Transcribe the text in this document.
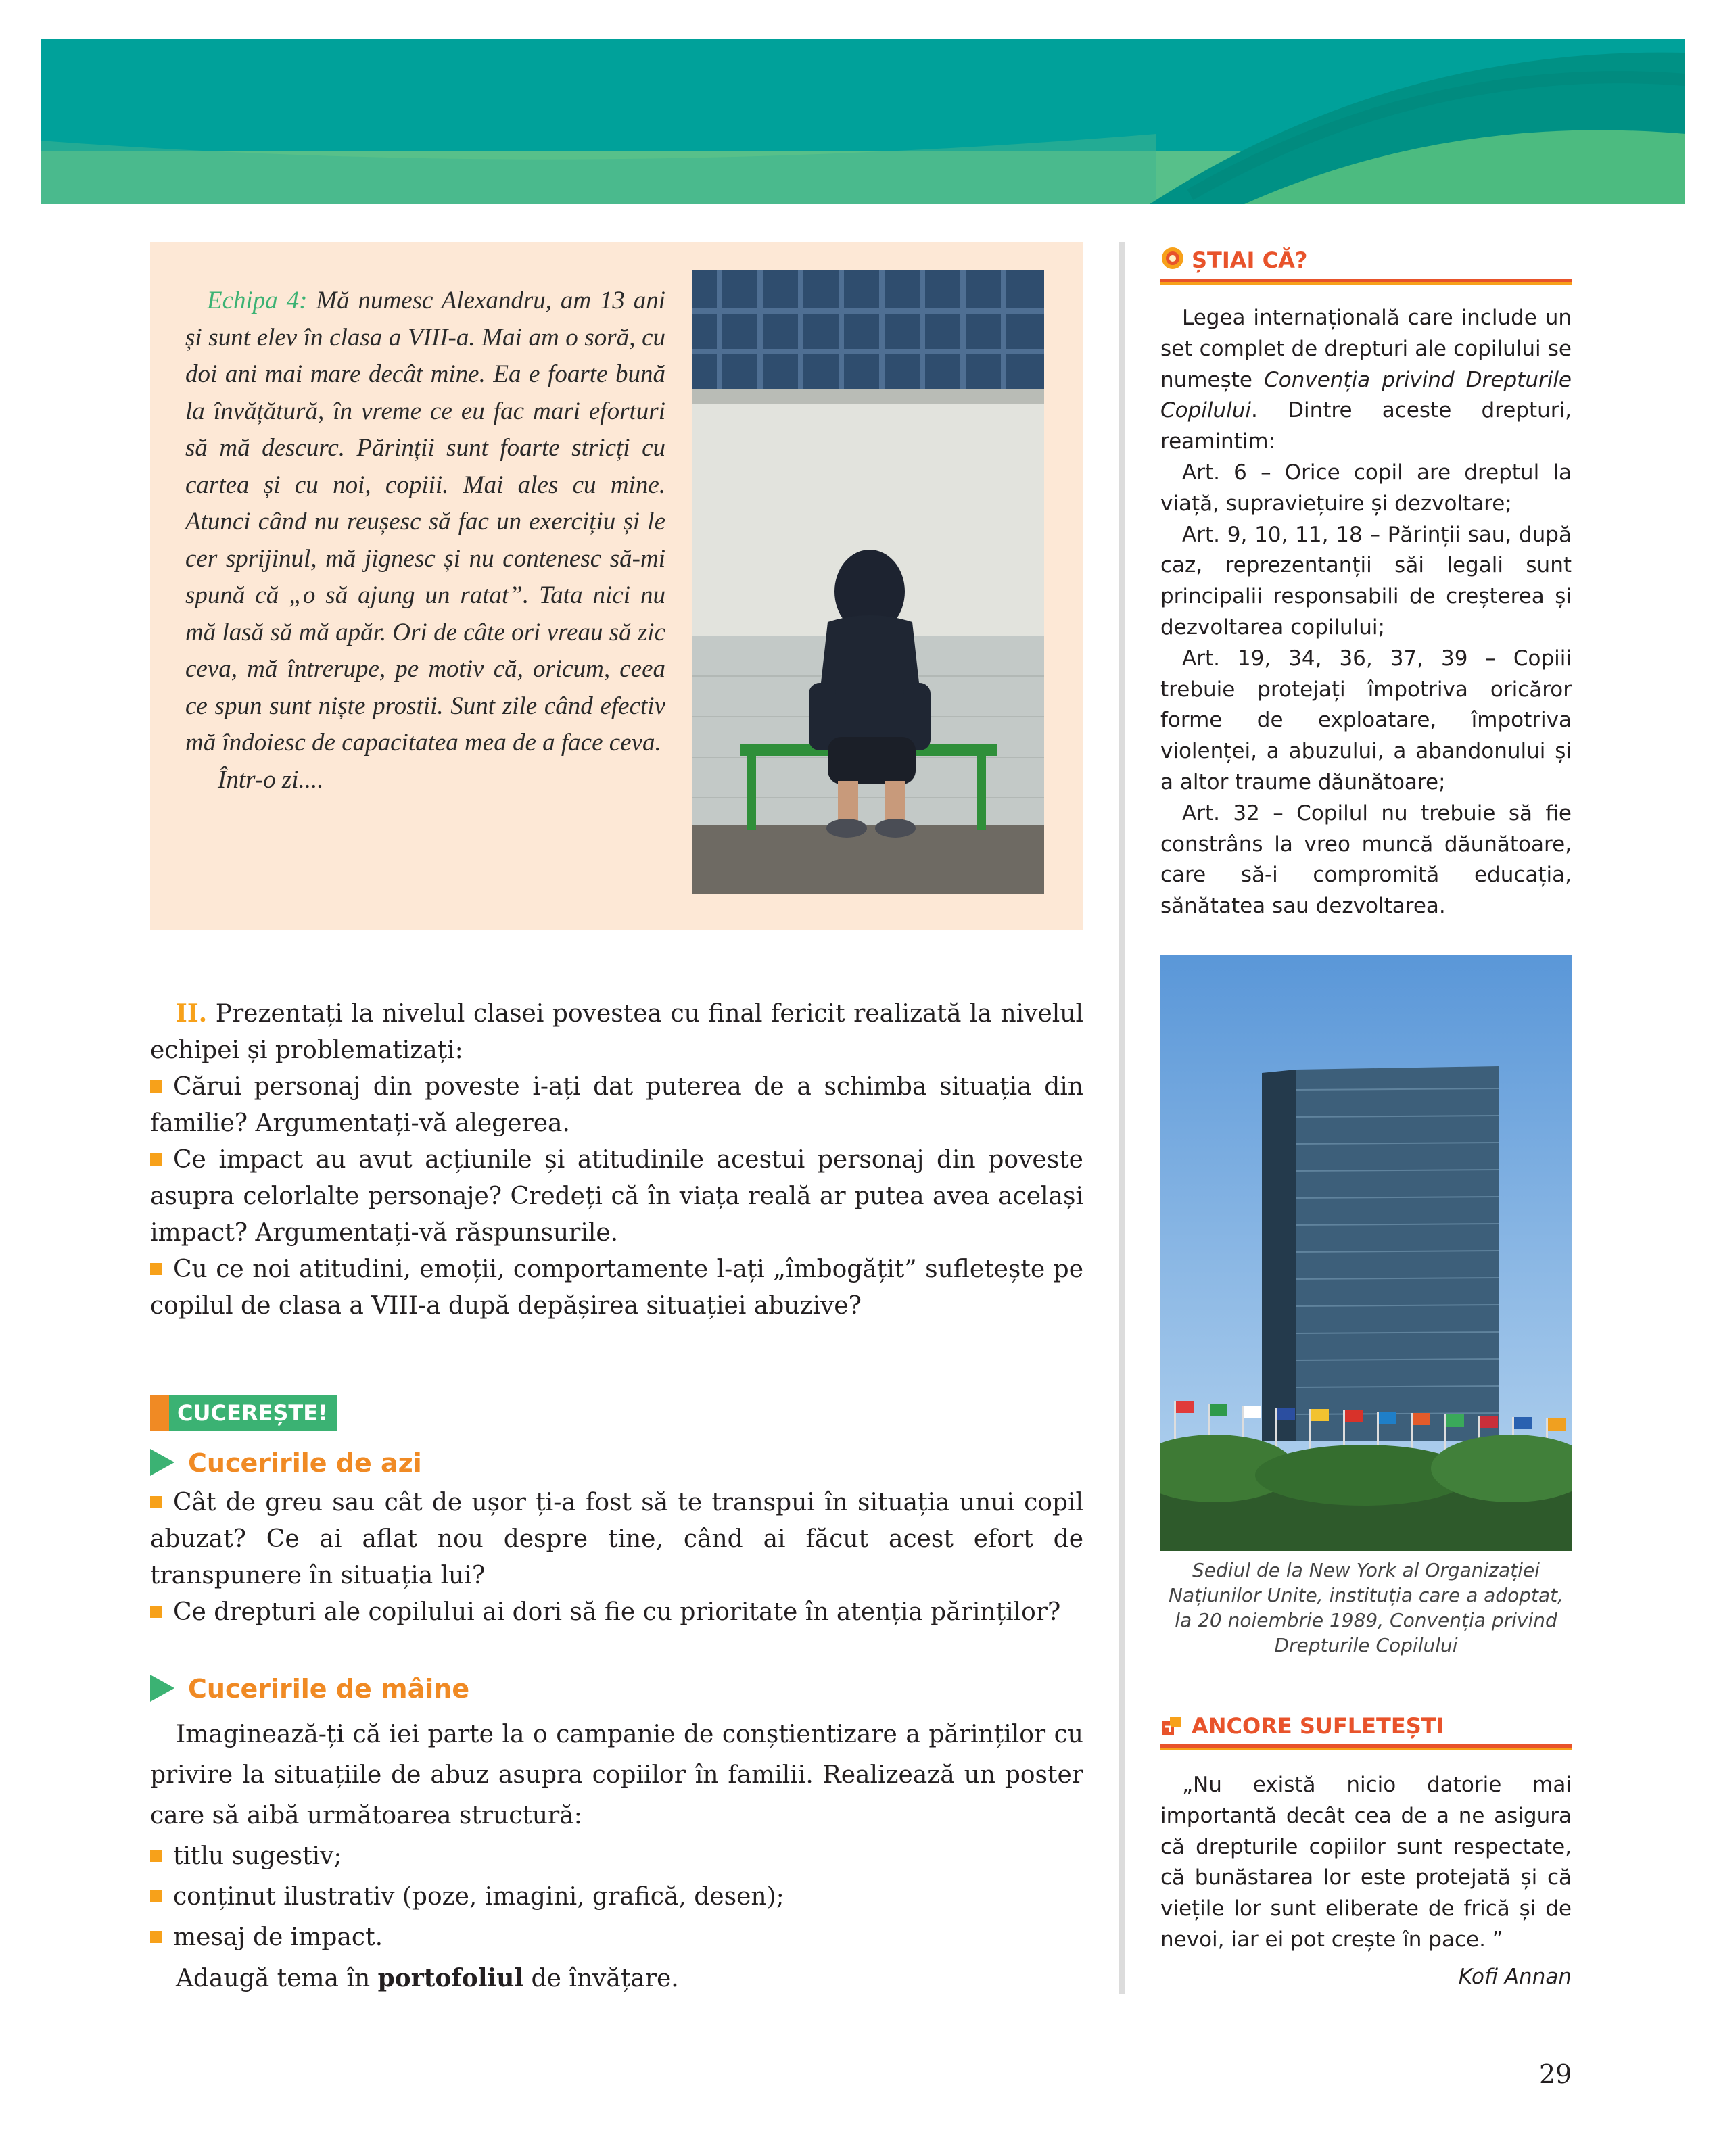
Echipa 4: Mă numesc Alexandru, am 13 ani și sunt elev în clasa a VIII-a. Mai am o soră, cu doi ani mai mare decât mine. Ea e foarte bună la învățătură, în vreme ce eu fac mari eforturi să mă descurc. Părinții sunt foarte stricți cu cartea și cu noi, copiii. Mai ales cu mine. Atunci când nu reușesc să fac un exercițiu și le cer sprijinul, mă jignesc și nu contenesc să-mi spună că „o să ajung un ratat”. Tata nici nu mă lasă să mă apăr. Ori de câte ori vreau să zic ceva, mă întrerupe, pe motiv că, oricum, ceea ce spun sunt niște prostii. Sunt zile când efectiv mă îndoiesc de capacitatea mea de a face ceva.
Într-o zi....
ȘTIAI CĂ?

Legea internațională care include un set complet de drepturi ale copilului se numește Convenția privind Drepturile Copilului. Dintre aceste drepturi, reamintim:

Art. 6 – Orice copil are dreptul la viață, supraviețuire și dezvoltare;

Art. 9, 10, 11, 18 – Părinții sau, după caz, reprezentanții săi legali sunt principalii responsabili de creșterea și dezvoltarea copilului;

Art. 19, 34, 36, 37, 39 – Copiii trebuie protejați împotriva oricăror forme de exploatare, împotriva violenței, a abuzului, a abandonului și a altor traume dăunătoare;

Art. 32 – Copilul nu trebuie să fie constrâns la vreo muncă dăunătoare, care să-i compromită educația, sănătatea sau dezvoltarea.

Sediul de la New York al Organizației Națiunilor Unite, instituția care a adoptat, la 20 noiembrie 1989, Convenția privind Drepturile Copilului
ANCORE SUFLETEȘTI

„Nu există nicio datorie mai importantă decât cea de a ne asigura că drepturile copiilor sunt respectate, că bunăstarea lor este protejată și că viețile lor sunt eliberate de frică și de nevoi, iar ei pot crește în pace. ”

Kofi Annan

II. Prezentați la nivelul clasei povestea cu final fericit realizată la nivelul echipei și problematizați:

Cărui personaj din poveste i-ați dat puterea de a schimba situația din familie? Argumentați-vă alegerea.

Ce impact au avut acțiunile și atitudinile acestui personaj din poveste asupra celorlalte personaje? Credeți că în viața reală ar putea avea același impact? Argumentați-vă răspunsurile.

Cu ce noi atitudini, emoții, comportamente l-ați „îmbogățit” sufletește pe copilul de clasa a VIII-a după depășirea situației abuzive?

CUCEREȘTE!
Cuceririle de azi

Cât de greu sau cât de ușor ți-a fost să te transpui în situația unui copil abuzat? Ce ai aflat nou despre tine, când ai făcut acest efort de transpunere în situația lui?

Ce drepturi ale copilului ai dori să fie cu prioritate în atenția părinților?

Cuceririle de mâine

Imaginează-ți că iei parte la o campanie de conștientizare a părinților cu privire la situațiile de abuz asupra copiilor în familii. Realizează un poster care să aibă următoarea structură:

titlu sugestiv;

conținut ilustrativ (poze, imagini, grafică, desen);

mesaj de impact.

Adaugă tema în portofoliul de învățare.

29
